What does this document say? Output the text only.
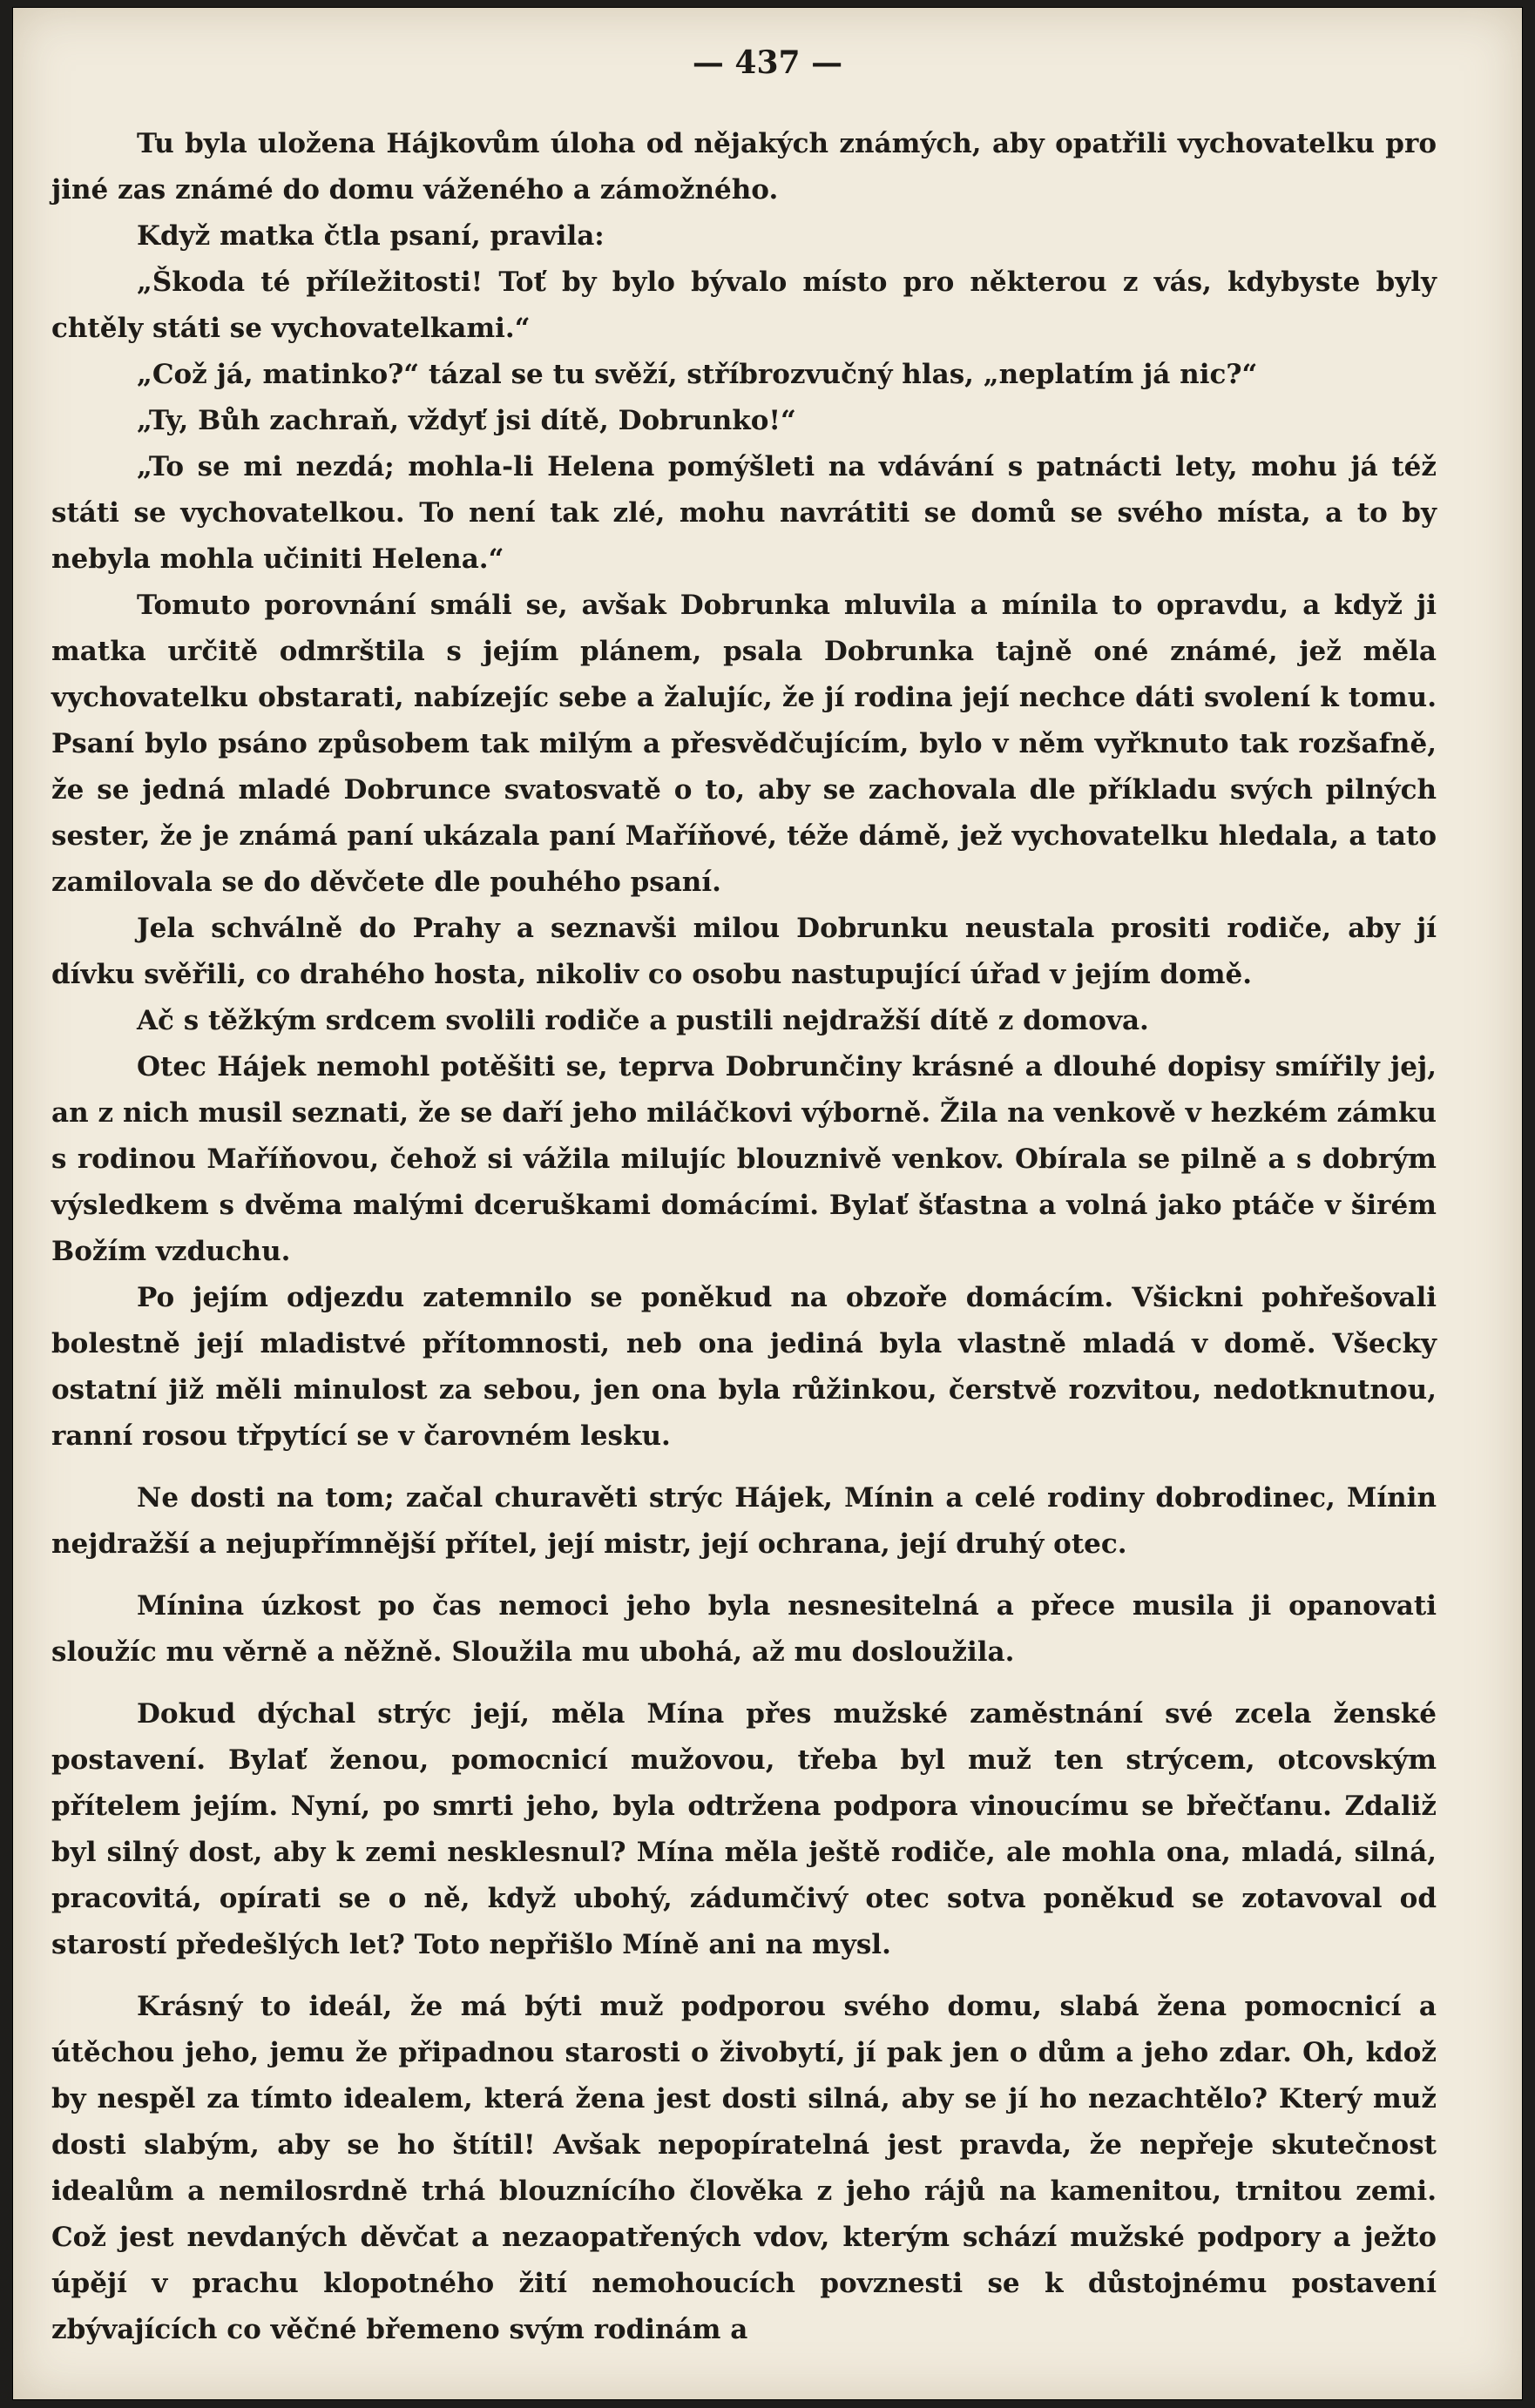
— 437 —

Tu byla uložena Hájkovům úloha od nějakých známých, aby opatřili vychovatelku pro jiné zas známé do domu váženého a zámožného.

Když matka čtla psaní, pravila:

„Škoda té příležitosti! Toť by bylo bývalo místo pro některou z vás, kdybyste byly chtěly státi se vychovatelkami.“

„Což já, matinko?“ tázal se tu svěží, stříbrozvučný hlas, „neplatím já nic?“

„Ty, Bůh zachraň, vždyť jsi dítě, Dobrunko!“

„To se mi nezdá; mohla-li Helena pomýšleti na vdávání s patnácti lety, mohu já též státi se vychovatelkou. To není tak zlé, mohu navrátiti se domů se svého místa, a to by nebyla mohla učiniti Helena.“

Tomuto porovnání smáli se, avšak Dobrunka mluvila a mínila to opravdu, a když ji matka určitě odmrštila s jejím plánem, psala Dobrunka tajně oné známé, jež měla vychovatelku obstarati, nabízejíc sebe a žalujíc, že jí rodina její nechce dáti svolení k tomu. Psaní bylo psáno způsobem tak milým a přesvědčujícím, bylo v něm vyřknuto tak rozšafně, že se jedná mladé Dobrunce svatosvatě o to, aby se zachovala dle příkladu svých pilných sester, že je známá paní ukázala paní Maříňové, téže dámě, jež vychovatelku hledala, a tato zamilovala se do děvčete dle pouhého psaní.

Jela schválně do Prahy a seznavši milou Dobrunku neustala prositi rodiče, aby jí dívku svěřili, co drahého hosta, nikoliv co osobu nastupující úřad v jejím domě.

Ač s těžkým srdcem svolili rodiče a pustili nejdražší dítě z domova.

Otec Hájek nemohl potěšiti se, teprva Dobrunčiny krásné a dlouhé dopisy smířily jej, an z nich musil seznati, že se daří jeho miláčkovi výborně. Žila na venkově v hezkém zámku s rodinou Maříňovou, čehož si vážila milujíc blouznivě venkov. Obírala se pilně a s dobrým výsledkem s dvěma malými dceruškami domácími. Bylať šťastna a volná jako ptáče v širém Božím vzduchu.

Po jejím odjezdu zatemnilo se poněkud na obzoře domácím. Všickni pohřešovali bolestně její mladistvé přítomnosti, neb ona jediná byla vlastně mladá v domě. Všecky ostatní již měli minulost za sebou, jen ona byla růžinkou, čerstvě rozvitou, nedotknutnou, ranní rosou třpytící se v čarovném lesku.

Ne dosti na tom; začal churavěti strýc Hájek, Mínin a celé rodiny dobrodinec, Mínin nejdražší a nejupřímnější přítel, její mistr, její ochrana, její druhý otec.

Mínina úzkost po čas nemoci jeho byla nesnesitelná a přece musila ji opanovati sloužíc mu věrně a něžně. Sloužila mu ubohá, až mu dosloužila.

Dokud dýchal strýc její, měla Mína přes mužské zaměstnání své zcela ženské postavení. Bylať ženou, pomocnicí mužovou, třeba byl muž ten strýcem, otcovským přítelem jejím. Nyní, po smrti jeho, byla odtržena podpora vinoucímu se břečťanu. Zdaliž byl silný dost, aby k zemi nesklesnul? Mína měla ještě rodiče, ale mohla ona, mladá, silná, pracovitá, opírati se o ně, když ubohý, zádumčivý otec sotva poněkud se zotavoval od starostí předešlých let? Toto nepřišlo Míně ani na mysl.

Krásný to ideál, že má býti muž podporou svého domu, slabá žena pomocnicí a útěchou jeho, jemu že připadnou starosti o živobytí, jí pak jen o dům a jeho zdar. Oh, kdož by nespěl za tímto idealem, která žena jest dosti silná, aby se jí ho nezachtělo? Který muž dosti slabým, aby se ho štítil! Avšak nepopíratelná jest pravda, že nepřeje skutečnost idealům a nemilosrdně trhá blouznícího člověka z jeho rájů na kamenitou, trnitou zemi. Což jest nevdaných děvčat a nezaopatřených vdov, kterým schází mužské podpory a ježto úpějí v prachu klopotného žití nemohoucích povznesti se k důstojnému postavení zbývajících co věčné břemeno svým rodinám a
